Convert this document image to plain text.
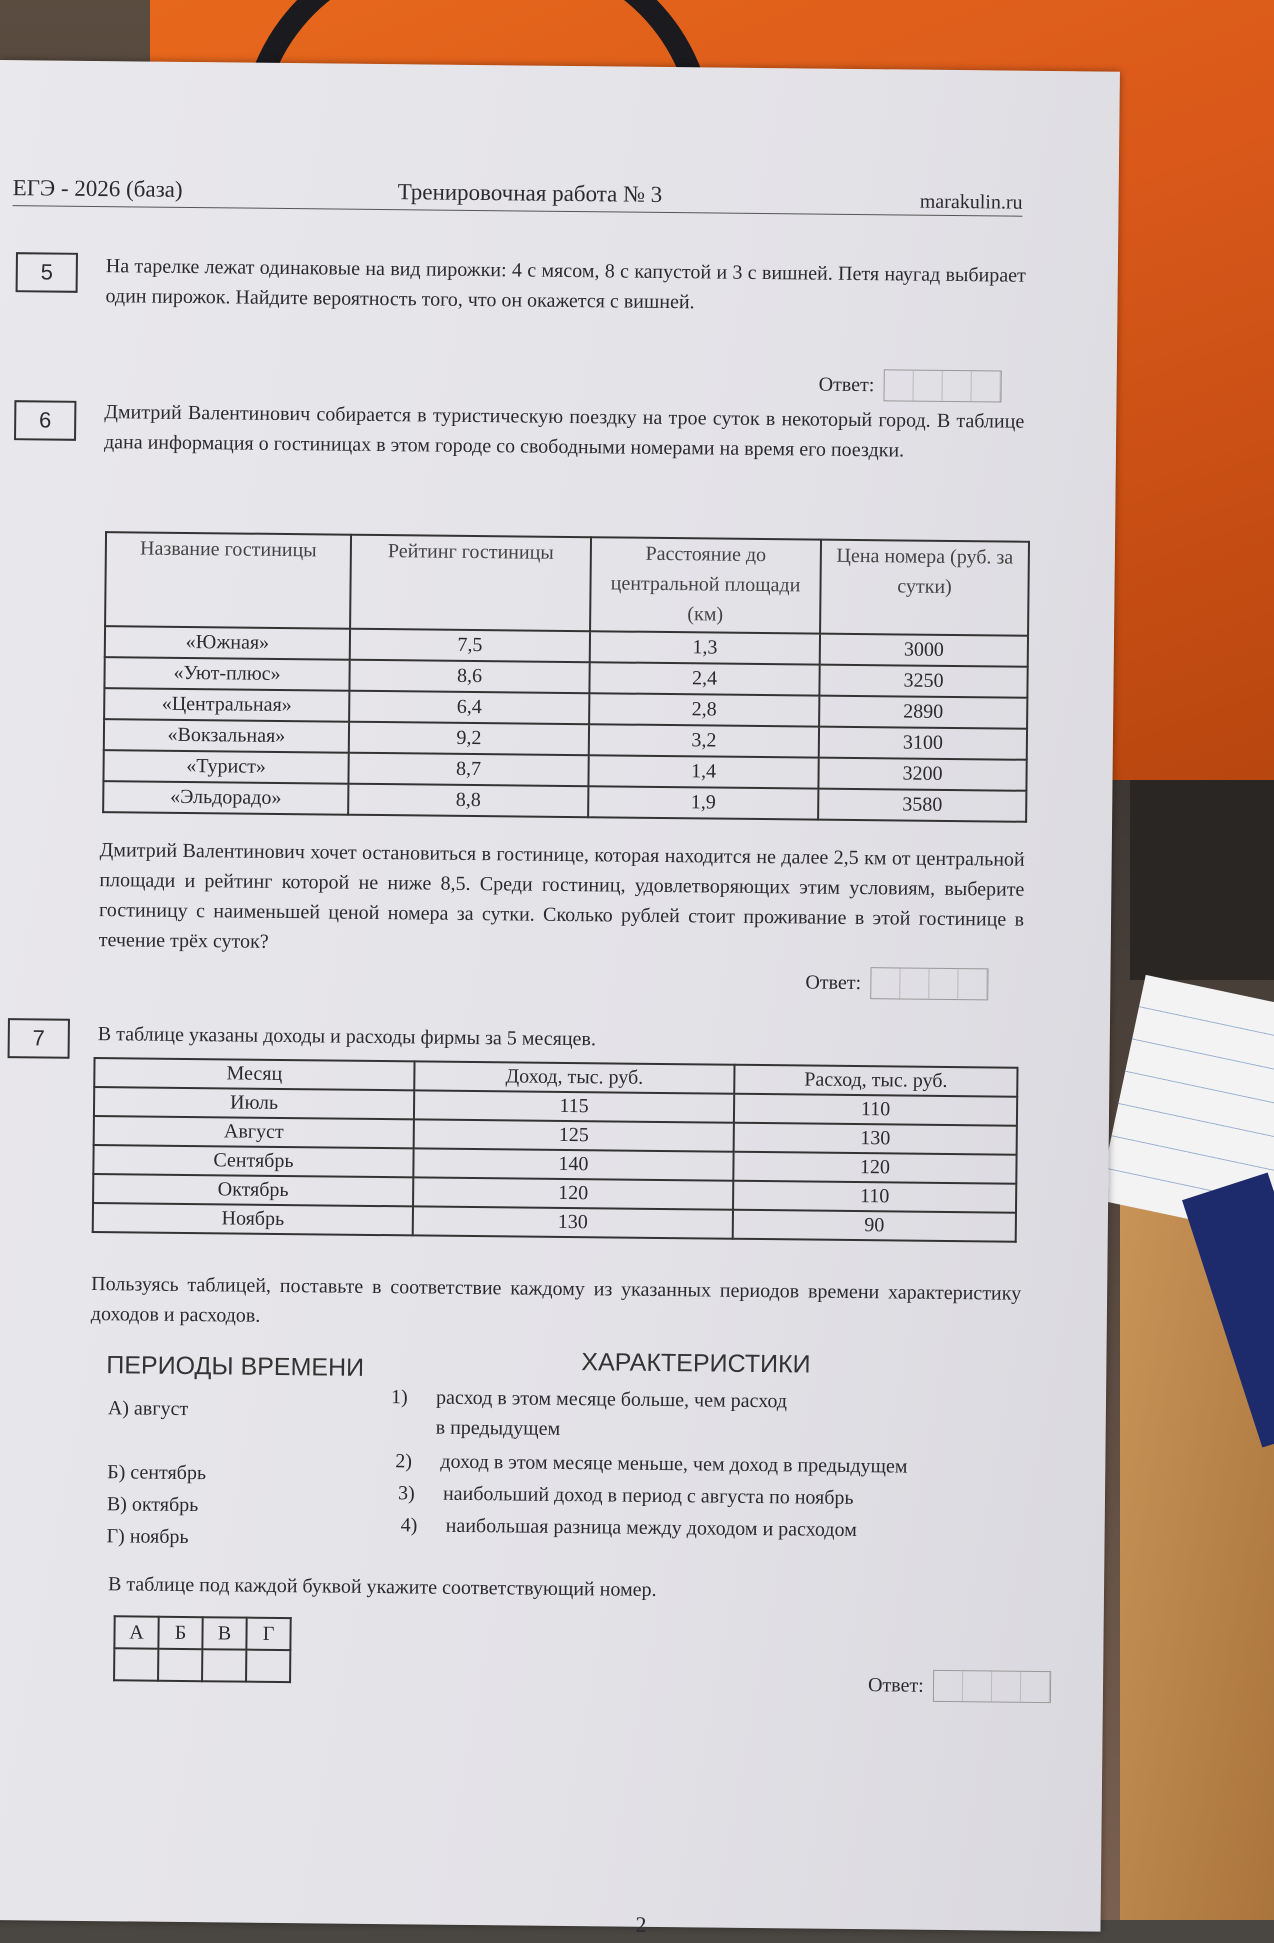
ЕГЭ - 2026 (база)	Тренировочная работа № 3	marakulin.ru
5	На тарелке лежат одинаковые на вид пирожки: 4 с мясом, 8 с капустой и 3 с вишней. Петя наугад выбирает один пирожок. Найдите вероятность того, что он окажется с вишней.
Ответ:
6	Дмитрий Валентинович собирается в туристическую поездку на трое суток в некоторый город. В таблице дана информация о гостиницах в этом городе со свободными номерами на время его поездки.
Название гостиницы	Рейтинг гостиницы	Расстояние до центральной площади (км)	Цена номера (руб. за сутки)
«Южная»	7,5	1,3	3000
«Уют-плюс»	8,6	2,4	3250
«Центральная»	6,4	2,8	2890
«Вокзальная»	9,2	3,2	3100
«Турист»	8,7	1,4	3200
«Эльдорадо»	8,8	1,9	3580
Дмитрий Валентинович хочет остановиться в гостинице, которая находится не далее 2,5 км от центральной площади и рейтинг которой не ниже 8,5. Среди гостиниц, удовлетворяющих этим условиям, выберите гостиницу с наименьшей ценой номера за сутки. Сколько рублей стоит проживание в этой гостинице в течение трёх суток?
Ответ:
7	В таблице указаны доходы и расходы фирмы за 5 месяцев.
Месяц	Доход, тыс. руб.	Расход, тыс. руб.
Июль	115	110
Август	125	130
Сентябрь	140	120
Октябрь	120	110
Ноябрь	130	90
Пользуясь таблицей, поставьте в соответствие каждому из указанных периодов времени характеристику доходов и расходов.
ПЕРИОДЫ ВРЕМЕНИ	ХАРАКТЕРИСТИКИ
А) август
Б) сентябрь
В) октябрь
Г) ноябрь
1) расход в этом месяце больше, чем расход
в предыдущем
2) доход в этом месяце меньше, чем доход в предыдущем
3) наибольший доход в период с августа по ноябрь
4) наибольшая разница между доходом и расходом
В таблице под каждой буквой укажите соответствующий номер.
А	Б	В	Г

Ответ:
2
